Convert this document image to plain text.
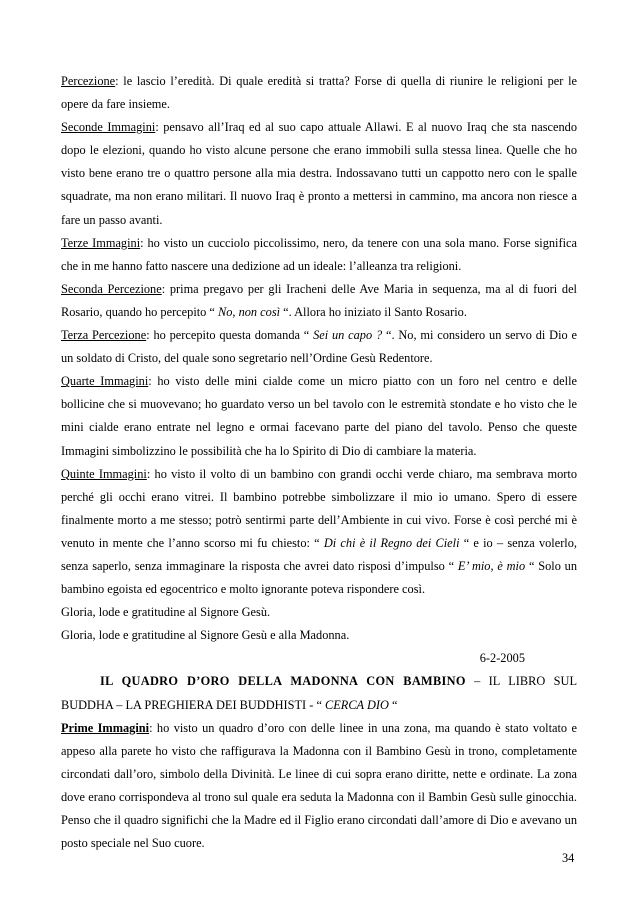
Percezione: le lascio l’eredità. Di quale eredità si tratta? Forse di quella di riunire le religioni per le opere da fare insieme.

Seconde Immagini: pensavo all’Iraq ed al suo capo attuale Allawi. E al nuovo Iraq che sta nascendo dopo le elezioni, quando ho visto alcune persone che erano immobili sulla stessa linea. Quelle che ho visto bene erano tre o quattro persone alla mia destra. Indossavano tutti un cappotto nero con le spalle squadrate, ma non erano militari. Il nuovo Iraq è pronto a mettersi in cammino, ma ancora non riesce a fare un passo avanti.

Terze Immagini: ho visto un cucciolo piccolissimo, nero, da tenere con una sola mano. Forse significa che in me hanno fatto nascere una dedizione ad un ideale: l’alleanza tra religioni.

Seconda Percezione: prima pregavo per gli Iracheni delle Ave Maria in sequenza, ma al di fuori del Rosario, quando ho percepito “ No, non così “. Allora ho iniziato il Santo Rosario.

Terza Percezione: ho percepito questa domanda “ Sei un capo ? “. No, mi considero un servo di Dio e un soldato di Cristo, del quale sono segretario nell’Ordine Gesù Redentore.

Quarte Immagini: ho visto delle mini cialde come un micro piatto con un foro nel centro e delle bollicine che si muovevano; ho guardato verso un bel tavolo con le estremità stondate e ho visto che le mini cialde erano entrate nel legno e ormai facevano parte del piano del tavolo. Penso che queste Immagini simbolizzino le possibilità che ha lo Spirito di Dio di cambiare la materia.

Quinte Immagini: ho visto il volto di un bambino con grandi occhi verde chiaro, ma sembrava morto perché gli occhi erano vitrei. Il bambino potrebbe simbolizzare il mio io umano. Spero di essere finalmente morto a me stesso; potrò sentirmi parte dell’Ambiente in cui vivo. Forse è così perché mi è venuto in mente che l’anno scorso mi fu chiesto: “ Di chi è il Regno dei Cieli “ e io – senza volerlo, senza saperlo, senza immaginare la risposta che avrei dato risposi d’impulso “ E’ mio, è mio “ Solo un bambino egoista ed egocentrico e molto ignorante poteva rispondere così.

Gloria, lode e gratitudine al Signore Gesù.

Gloria, lode e gratitudine al Signore Gesù e alla Madonna.

6-2-2005

IL QUADRO D’ORO DELLA MADONNA CON BAMBINO – IL LIBRO SUL BUDDHA – LA PREGHIERA DEI BUDDHISTI - “ CERCA DIO “

Prime Immagini: ho visto un quadro d’oro con delle linee in una zona, ma quando è stato voltato e appeso alla parete ho visto che raffigurava la Madonna con il Bambino Gesù in trono, completamente circondati dall’oro, simbolo della Divinità. Le linee di cui sopra erano diritte, nette e ordinate. La zona dove erano corrispondeva al trono sul quale era seduta la Madonna con il Bambin Gesù sulle ginocchia. Penso che il quadro significhi che la Madre ed il Figlio erano circondati dall’amore di Dio e avevano un posto speciale nel Suo cuore.

34
